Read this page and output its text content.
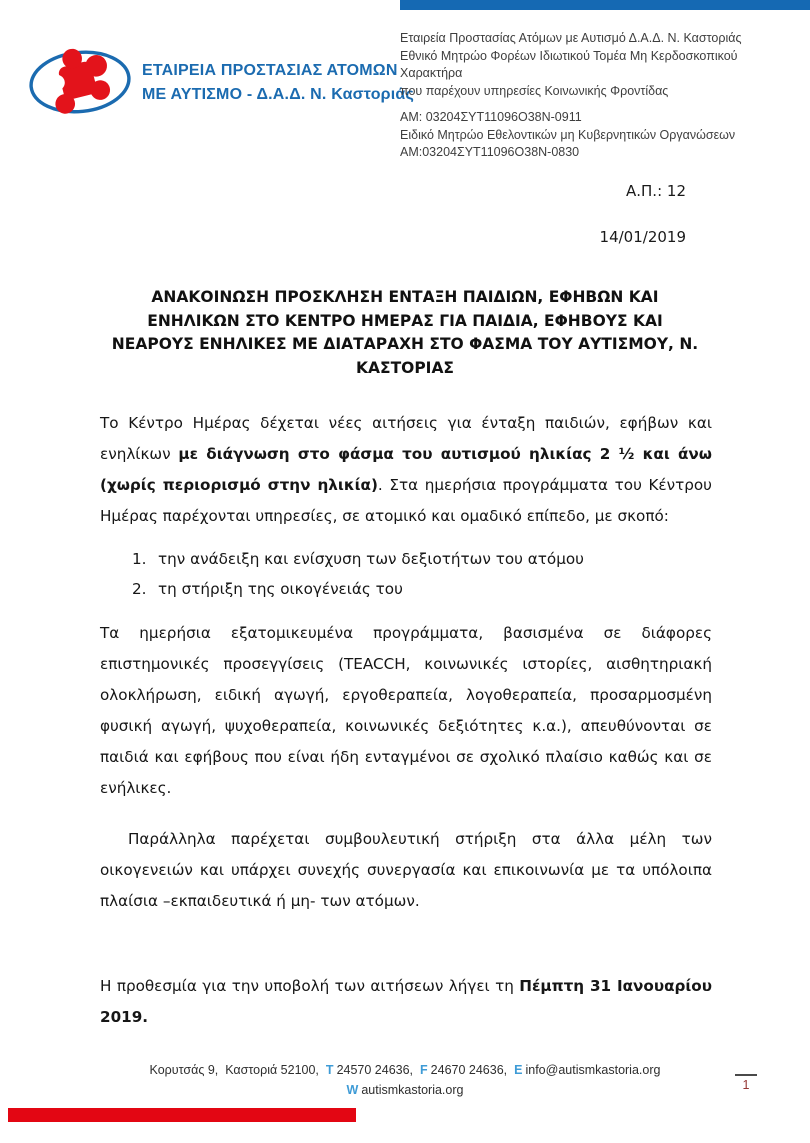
ΕΤΑΙΡΕΙΑ ΠΡΟΣΤΑΣΙΑΣ ΑΤΟΜΩΝ
ΜΕ ΑΥΤΙΣΜΟ - Δ.Α.Δ. Ν. Καστοριάς
Εταιρεία Προστασίας Ατόμων με Αυτισμό Δ.Α.Δ. Ν. Καστοριάς
Εθνικό Μητρώο Φορέων Ιδιωτικού Τομέα Μη Κερδοσκοπικού Χαρακτήρα
που παρέχουν υπηρεσίες Κοινωνικής Φροντίδας
ΑΜ: 03204ΣΥΤ11096Ο38N-0911
Ειδικό Μητρώο Εθελοντικών μη Κυβερνητικών Οργανώσεων
ΑΜ:03204ΣΥΤ11096Ο38N-0830
Α.Π.: 12
14/01/2019
ΑΝΑΚΟΙΝΩΣΗ ΠΡΟΣΚΛΗΣΗ ΕΝΤΑΞΗ ΠΑΙΔΙΩΝ, ΕΦΗΒΩΝ ΚΑΙ ΕΝΗΛΙΚΩΝ ΣΤΟ ΚΕΝΤΡΟ ΗΜΕΡΑΣ ΓΙΑ ΠΑΙΔΙΑ, ΕΦΗΒΟΥΣ ΚΑΙ ΝΕΑΡΟΥΣ ΕΝΗΛΙΚΕΣ ΜΕ ΔΙΑΤΑΡΑΧΗ ΣΤΟ ΦΑΣΜΑ ΤΟΥ ΑΥΤΙΣΜΟΥ, Ν. ΚΑΣΤΟΡΙΑΣ

Το Κέντρο Ημέρας δέχεται νέες αιτήσεις για ένταξη παιδιών, εφήβων και ενηλίκων με διάγνωση στο φάσμα του αυτισμού ηλικίας 2 ½ και άνω (χωρίς περιορισμό στην ηλικία). Στα ημερήσια προγράμματα του Κέντρου Ημέρας παρέχονται υπηρεσίες, σε ατομικό και ομαδικό επίπεδο, με σκοπό:

1. την ανάδειξη και ενίσχυση των δεξιοτήτων του ατόμου
2. τη στήριξη της οικογένειάς του

Τα ημερήσια εξατομικευμένα προγράμματα, βασισμένα σε διάφορες επιστημονικές προσεγγίσεις (TEACCH, κοινωνικές ιστορίες, αισθητηριακή ολοκλήρωση, ειδική αγωγή, εργοθεραπεία, λογοθεραπεία, προσαρμοσμένη φυσική αγωγή, ψυχοθεραπεία, κοινωνικές δεξιότητες κ.α.), απευθύνονται σε παιδιά και εφήβους που είναι ήδη ενταγμένοι σε σχολικό πλαίσιο καθώς και σε ενήλικες.

Παράλληλα παρέχεται συμβουλευτική στήριξη στα άλλα μέλη των οικογενειών και υπάρχει συνεχής συνεργασία και επικοινωνία με τα υπόλοιπα πλαίσια –εκπαιδευτικά ή μη- των ατόμων.

Η προθεσμία για την υποβολή των αιτήσεων λήγει τη Πέμπτη 31 Ιανουαρίου 2019.

Κορυτσάς 9, Καστοριά 52100, T 24570 24636, F 24670 24636, E info@autismkastoria.org
W autismkastoria.org	1
